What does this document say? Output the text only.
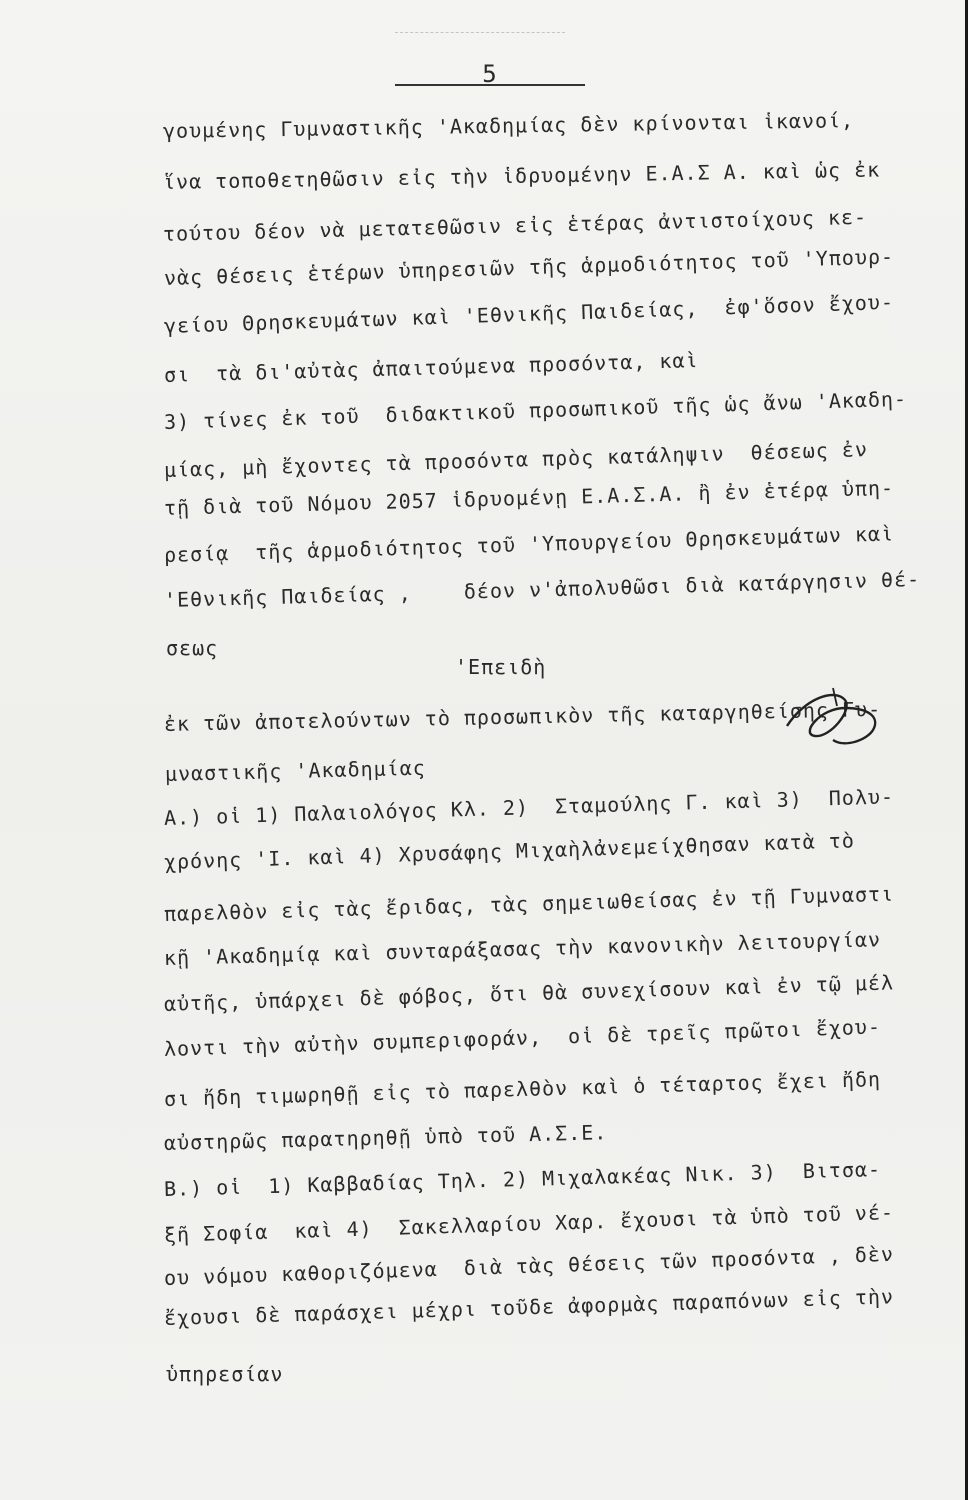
5
γουμένης Γυμναστικῆς 'Ακαδημίας δὲν κρίνονται ἱκανοί,
ἵνα τοποθετηθῶσιν εἰς τὴν ἱδρυομένην Ε.Α.Σ Α. καὶ ὡς ἐκ
τούτου δέον νὰ μετατεθῶσιν εἰς ἑτέρας ἀντιστοίχους κε-
νὰς θέσεις ἑτέρων ὑπηρεσιῶν τῆς ἁρμοδιότητος τοῦ 'Υπουρ-
γείου Θρησκευμάτων καὶ 'Εθνικῆς Παιδείας,  ἐφ'ὅσον ἔχου-
σι  τὰ δι'αὐτὰς ἀπαιτούμενα προσόντα, καὶ
3) τίνες ἐκ τοῦ  διδακτικοῦ προσωπικοῦ τῆς ὡς ἄνω 'Ακαδη-
μίας, μὴ ἔχοντες τὰ προσόντα πρὸς κατάληψιν  θέσεως ἐν
τῇ διὰ τοῦ Νόμου 2057 ἱδρυομένῃ Ε.Α.Σ.Α. ἢ ἐν ἑτέρᾳ ὑπη-
ρεσίᾳ  τῆς ἁρμοδιότητος τοῦ 'Υπουργείου Θρησκευμάτων καὶ
'Εθνικῆς Παιδείας ,    δέον ν'ἀπολυθῶσι διὰ κατάργησιν θέ-
σεως
'Επειδὴ
ἐκ τῶν ἀποτελούντων τὸ προσωπικὸν τῆς καταργηθείσης Γυ-
μναστικῆς 'Ακαδημίας
Α.) οἱ 1) Παλαιολόγος Κλ. 2)  Σταμούλης Γ. καὶ 3)  Πολυ-
χρόνης 'Ι. καὶ 4) Χρυσάφης Μιχαὴλἀνεμείχθησαν κατὰ τὸ
παρελθὸν εἰς τὰς ἔριδας, τὰς σημειωθείσας ἐν τῇ Γυμναστι
κῇ 'Ακαδημίᾳ καὶ συνταράξασας τὴν κανονικὴν λειτουργίαν
αὐτῆς, ὑπάρχει δὲ φόβος, ὅτι θὰ συνεχίσουν καὶ ἐν τῷ μέλ
λοντι τὴν αὐτὴν συμπεριφοράν,  οἱ δὲ τρεῖς πρῶτοι ἔχου-
σι ἤδη τιμωρηθῇ εἰς τὸ παρελθὸν καὶ ὁ τέταρτος ἔχει ἤδη
αὐστηρῶς παρατηρηθῇ ὑπὸ τοῦ Α.Σ.Ε.
Β.) οἱ  1) Καββαδίας Τηλ. 2) Μιχαλακέας Νικ. 3)  Βιτσα-
ξῆ Σοφία  καὶ 4)  Σακελλαρίου Χαρ. ἔχουσι τὰ ὑπὸ τοῦ νέ-
ου νόμου καθοριζόμενα  διὰ τὰς θέσεις τῶν προσόντα , δὲν
ἔχουσι δὲ παράσχει μέχρι τοῦδε ἀφορμὰς παραπόνων εἰς τὴν
ὑπηρεσίαν
